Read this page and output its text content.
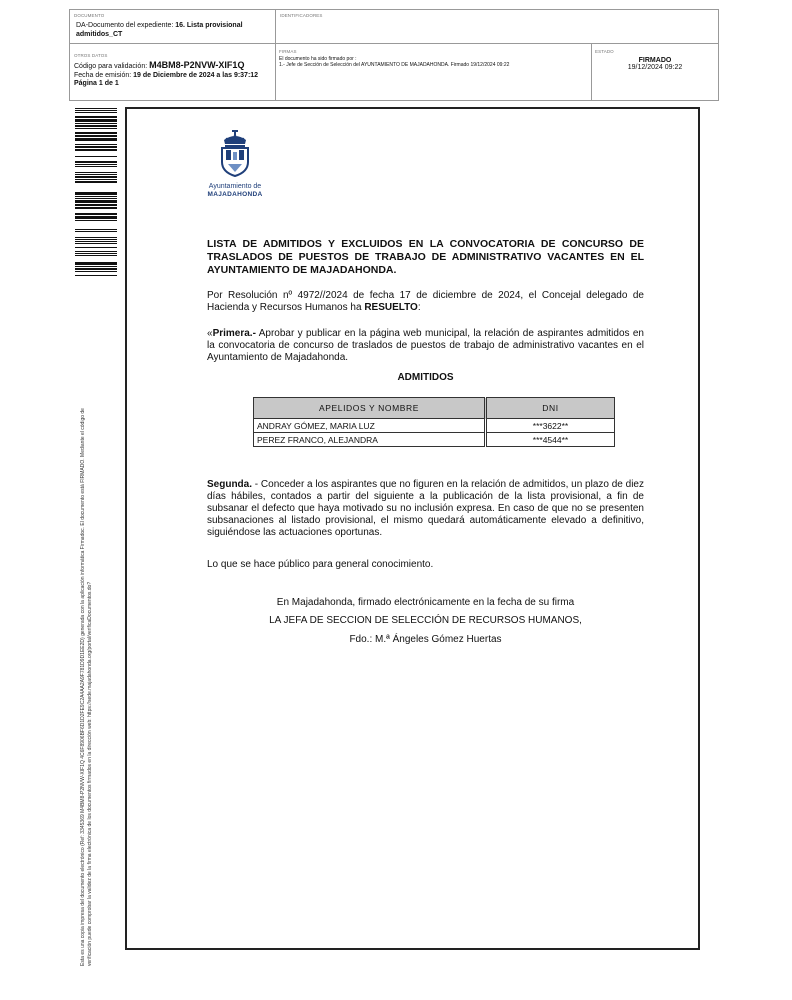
DOCUMENTO
DA-Documento del expediente: 16. Lista provisional admitidos_CT
IDENTIFICADORES
OTROS DATOS
Código para validación: M4BM8-P2NVW-XIF1Q
Fecha de emisión: 19 de Diciembre de 2024 a las 9:37:12
Página 1 de 1
FIRMAS
El documento ha sido firmado por :
1.- Jefe de Sección de Selección del AYUNTAMIENTO DE MAJADAHONDA. Firmado 19/12/2024 09:22
ESTADO
FIRMADO
19/12/2024 09:22
Esta es una copia impresa del documento electrónico (Ref: 3345369 M4BM8-P2NVW-XIF1Q 4C6F8906BF6D1D2FE9C2A4AA2A9F781D9D1EE2D) generada con la aplicación informática Firmadoc. El documento está FIRMADO. Mediante el código de verificación puede comprobar la validez de la firma electrónica de los documentos firmados en la dirección web: https://sede.majadahonda.org/portal/verificaDocumentos.do?
Ayuntamiento de
MAJADAHONDA
LISTA DE ADMITIDOS Y EXCLUIDOS EN LA CONVOCATORIA DE CONCURSO DE TRASLADOS DE PUESTOS DE TRABAJO DE ADMINISTRATIVO VACANTES EN EL AYUNTAMIENTO DE MAJADAHONDA.
Por Resolución nº 4972//2024 de fecha 17 de diciembre de 2024, el Concejal delegado de Hacienda y Recursos Humanos ha RESUELTO:
«Primera.- Aprobar y publicar en la página web municipal, la relación de aspirantes admitidos en la convocatoria de concurso de traslados de puestos de trabajo de administrativo vacantes en el Ayuntamiento de Majadahonda.
ADMITIDOS
APELIDOS Y NOMBRE	DNI
ANDRAY GÓMEZ, MARIA LUZ	***3622**
PEREZ FRANCO, ALEJANDRA	***4544**
Segunda. - Conceder a los aspirantes que no figuren en la relación de admitidos, un plazo de diez días hábiles, contados a partir del siguiente a la publicación de la lista provisional, a fin de subsanar el defecto que haya motivado su no inclusión expresa. En caso de que no se presenten subsanaciones al listado provisional, el mismo quedará automáticamente elevado a definitivo, siguiéndose las actuaciones oportunas.
Lo que se hace público para general conocimiento.
En Majadahonda, firmado electrónicamente en la fecha de su firma
LA JEFA DE SECCION DE SELECCIÓN DE RECURSOS HUMANOS,
Fdo.: M.ª Ángeles Gómez Huertas
